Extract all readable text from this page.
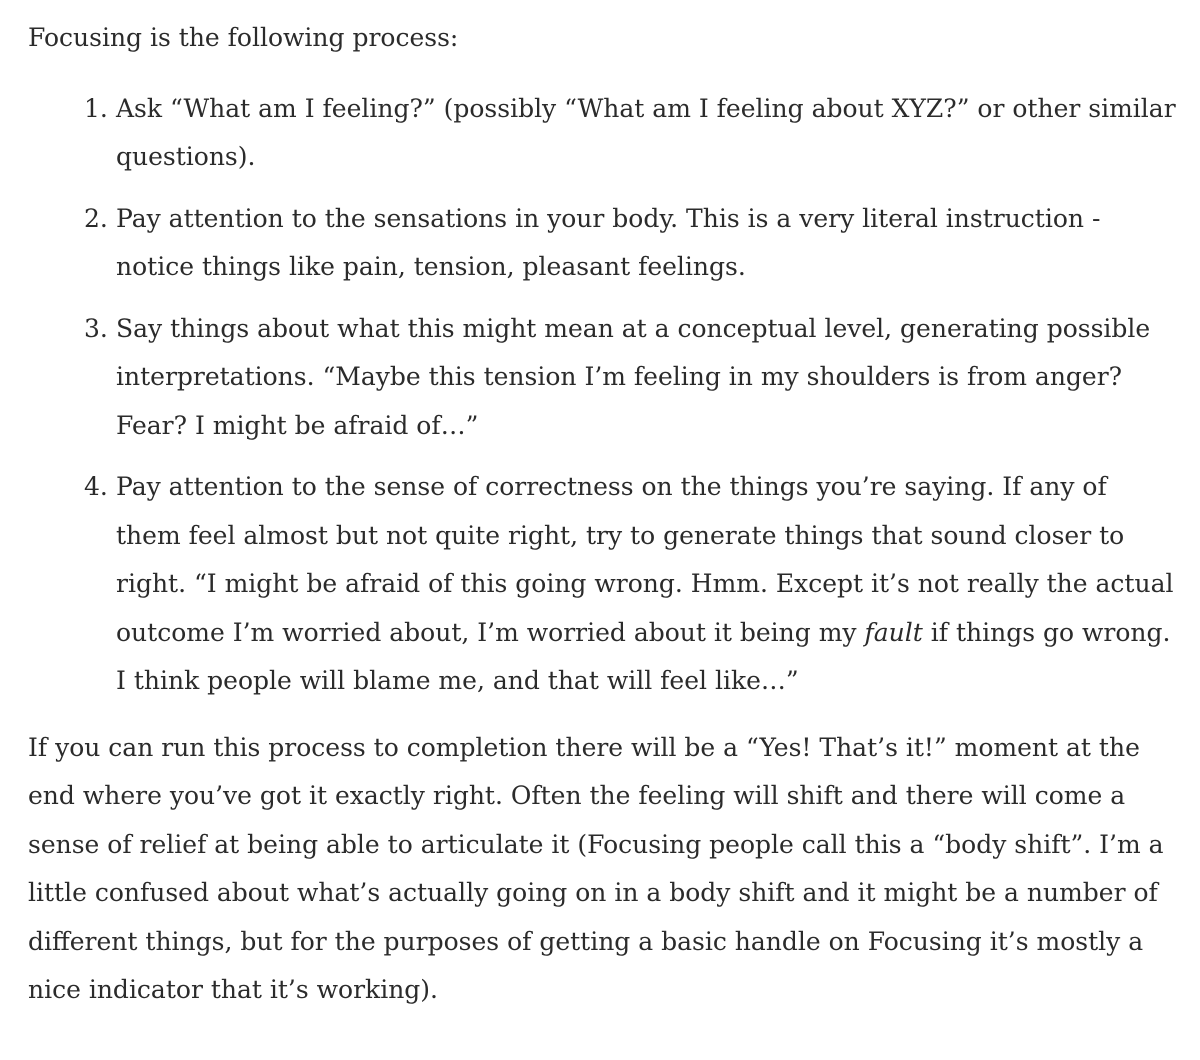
Focusing is the following process:

1. Ask “What am I feeling?” (possibly “What am I feeling about XYZ?” or other similar questions).
2. Pay attention to the sensations in your body. This is a very literal instruction - notice things like pain, tension, pleasant feelings.
3. Say things about what this might mean at a conceptual level, generating possible interpretations. “Maybe this tension I’m feeling in my shoulders is from anger? Fear? I might be afraid of…”
4. Pay attention to the sense of correctness on the things you’re saying. If any of them feel almost but not quite right, try to generate things that sound closer to right. “I might be afraid of this going wrong. Hmm. Except it’s not really the actual outcome I’m worried about, I’m worried about it being my fault if things go wrong. I think people will blame me, and that will feel like…”

If you can run this process to completion there will be a “Yes! That’s it!” moment at the end where you’ve got it exactly right. Often the feeling will shift and there will come a sense of relief at being able to articulate it (Focusing people call this a “body shift”. I’m a little confused about what’s actually going on in a body shift and it might be a number of different things, but for the purposes of getting a basic handle on Focusing it’s mostly a nice indicator that it’s working).
